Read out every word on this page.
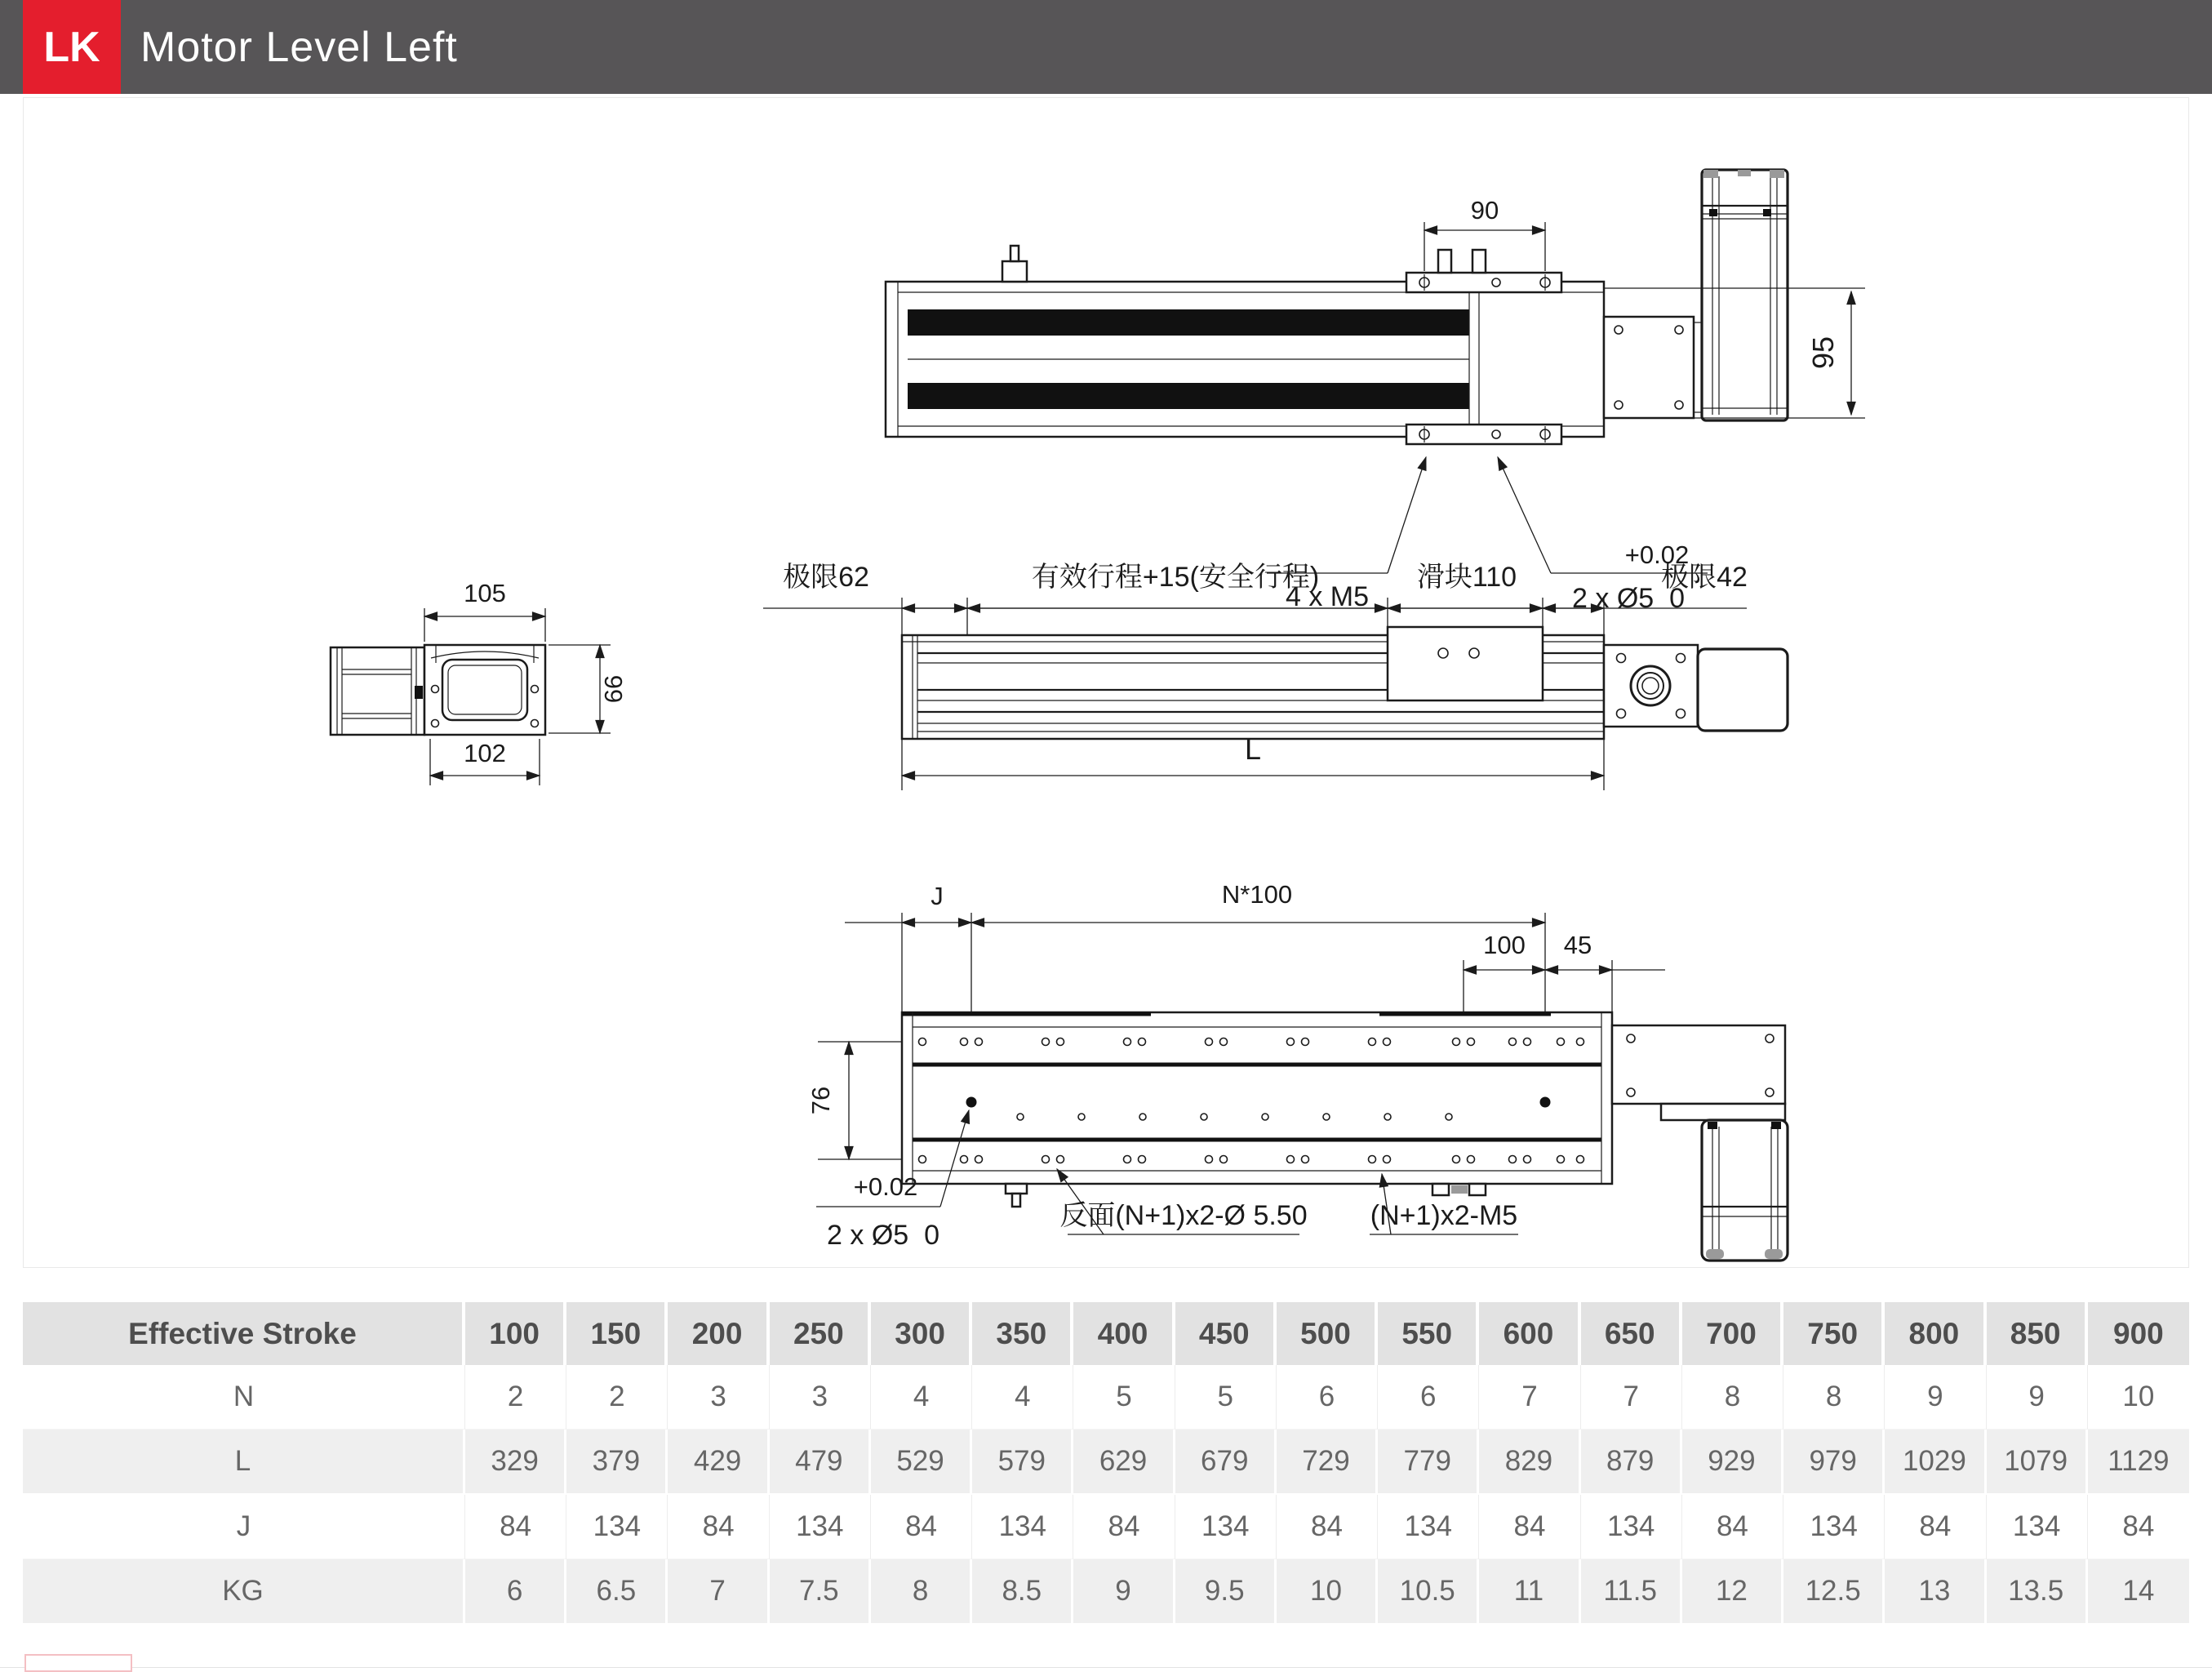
LK Motor Level Left
90
95
4 x M5
+0.02
2 x Ø5  0
105
66
102
极限62	有效行程+15(安全行程)	滑块110	极限42
L
J	N*100
100 45
76
+0.02
2 x Ø5  0
反面(N+1)x2-Ø 5.50 (N+1)x2-M5
Effective Stroke	100	150	200	250	300	350	400	450	500	550	600	650	700	750	800	850	900
N	2	2	3	3	4	4	5	5	6	6	7	7	8	8	9	9	10
L	329	379	429	479	529	579	629	679	729	779	829	879	929	979	1029	1079	1129
J	84	134	84	134	84	134	84	134	84	134	84	134	84	134	84	134	84
KG	6	6.5	7	7.5	8	8.5	9	9.5	10	10.5	11	11.5	12	12.5	13	13.5	14
